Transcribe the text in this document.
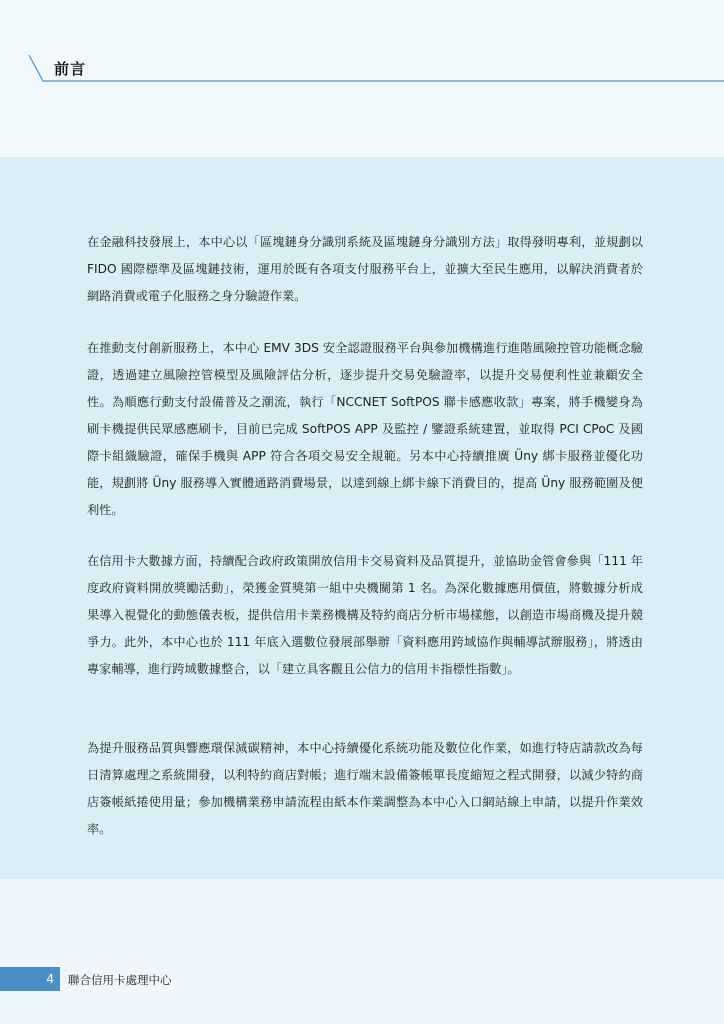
前言

在金融科技發展上，本中心以「區塊鏈身分識別系統及區塊鏈身分識別方法」取得發明專利，並規劃以 FIDO 國際標準及區塊鏈技術，運用於既有各項支付服務平台上，並擴大至民生應用，以解決消費者於網路消費或電子化服務之身分驗證作業。

在推動支付創新服務上，本中心 EMV 3DS 安全認證服務平台與參加機構進行進階風險控管功能概念驗證，透過建立風險控管模型及風險評估分析，逐步提升交易免驗證率，以提升交易便利性並兼顧安全性。為順應行動支付設備普及之潮流，執行「NCCNET SoftPOS 聯卡感應收款」專案，將手機變身為刷卡機提供民眾感應刷卡，目前已完成 SoftPOS APP 及監控 / 鑒證系統建置，並取得 PCI CPoC 及國際卡組織驗證，確保手機與 APP 符合各項交易安全規範。另本中心持續推廣 Üny 綁卡服務並優化功能，規劃將 Üny 服務導入實體通路消費場景，以達到線上綁卡線下消費目的，提高 Üny 服務範圍及便利性。

在信用卡大數據方面，持續配合政府政策開放信用卡交易資料及品質提升，並協助金管會參與「111 年度政府資料開放獎勵活動」，榮獲金質獎第一組中央機關第 1 名。為深化數據應用價值，將數據分析成果導入視覺化的動態儀表板，提供信用卡業務機構及特約商店分析市場樣態，以創造市場商機及提升競爭力。此外，本中心也於 111 年底入選數位發展部舉辦「資料應用跨域協作與輔導試辦服務」，將透由專家輔導，進行跨域數據整合，以「建立具客觀且公信力的信用卡指標性指數」。

為提升服務品質與響應環保減碳精神，本中心持續優化系統功能及數位化作業，如進行特店請款改為每日清算處理之系統開發，以利特約商店對帳；進行端末設備簽帳單長度縮短之程式開發，以減少特約商店簽帳紙捲使用量；參加機構業務申請流程由紙本作業調整為本中心入口網站線上申請，以提升作業效率。

4	聯合信用卡處理中心
